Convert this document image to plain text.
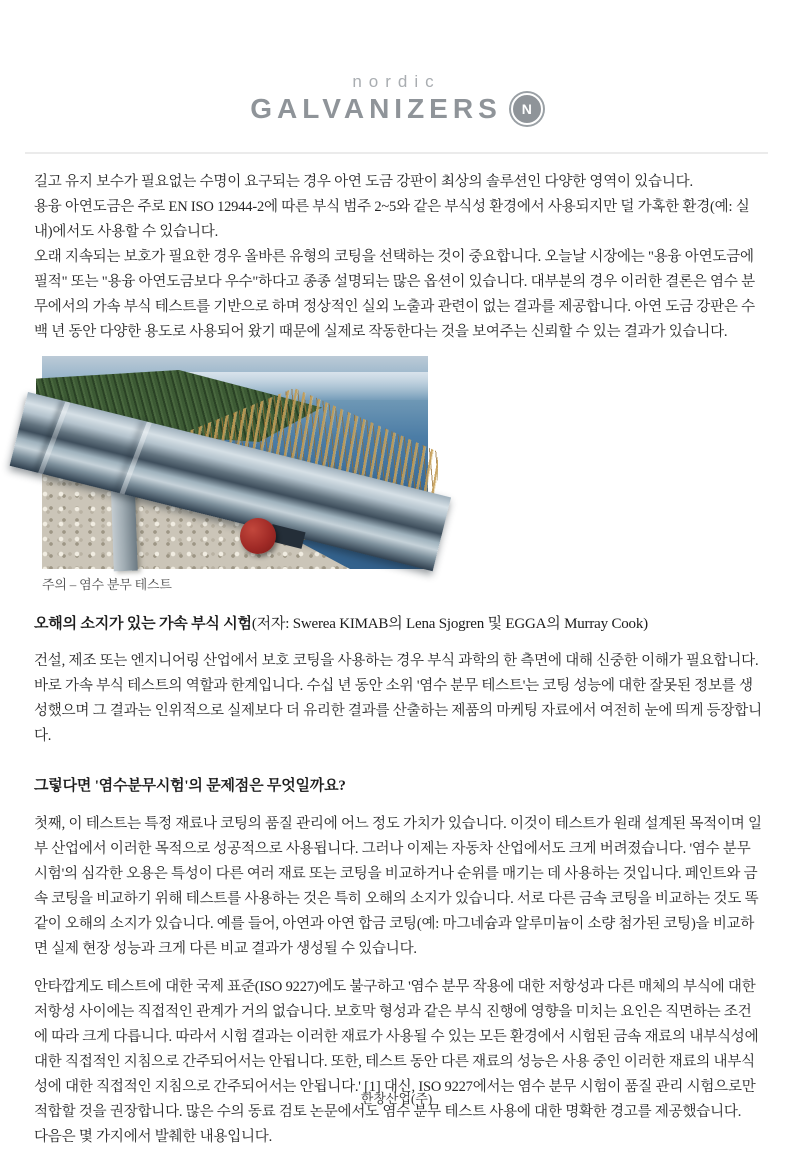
nordic
GALVANIZERS	N

길고 유지 보수가 필요없는 수명이 요구되는 경우 아연 도금 강판이 최상의 솔루션인 다양한 영역이 있습니다.

용융 아연도금은 주로 EN ISO 12944-2에 따른 부식 범주 2~5와 같은 부식성 환경에서 사용되지만 덜 가혹한 환경(예: 실내)에서도 사용할 수 있습니다.

오래 지속되는 보호가 필요한 경우 올바른 유형의 코팅을 선택하는 것이 중요합니다. 오늘날 시장에는 "용융 아연도금에 필적" 또는 "용융 아연도금보다 우수"하다고 종종 설명되는 많은 옵션이 있습니다. 대부분의 경우 이러한 결론은 염수 분무에서의 가속 부식 테스트를 기반으로 하며 정상적인 실외 노출과 관련이 없는 결과를 제공합니다. 아연 도금 강판은 수백 년 동안 다양한 용도로 사용되어 왔기 때문에 실제로 작동한다는 것을 보여주는 신뢰할 수 있는 결과가 있습니다.

주의 – 염수 분무 테스트
오해의 소지가 있는 가속 부식 시험(저자: Swerea KIMAB의 Lena Sjogren 및 EGGA의 Murray Cook)

건설, 제조 또는 엔지니어링 산업에서 보호 코팅을 사용하는 경우 부식 과학의 한 측면에 대해 신중한 이해가 필요합니다. 바로 가속 부식 테스트의 역할과 한계입니다. 수십 년 동안 소위 '염수 분무 테스트'는 코팅 성능에 대한 잘못된 정보를 생성했으며 그 결과는 인위적으로 실제보다 더 유리한 결과를 산출하는 제품의 마케팅 자료에서 여전히 눈에 띄게 등장합니다.

그렇다면 '염수분무시험'의 문제점은 무엇일까요?

첫째, 이 테스트는 특정 재료나 코팅의 품질 관리에 어느 정도 가치가 있습니다. 이것이 테스트가 원래 설계된 목적이며 일부 산업에서 이러한 목적으로 성공적으로 사용됩니다. 그러나 이제는 자동차 산업에서도 크게 버려졌습니다. '염수 분무 시험'의 심각한 오용은 특성이 다른 여러 재료 또는 코팅을 비교하거나 순위를 매기는 데 사용하는 것입니다. 페인트와 금속 코팅을 비교하기 위해 테스트를 사용하는 것은 특히 오해의 소지가 있습니다. 서로 다른 금속 코팅을 비교하는 것도 똑같이 오해의 소지가 있습니다. 예를 들어, 아연과 아연 합금 코팅(예: 마그네슘과 알루미늄이 소량 첨가된 코팅)을 비교하면 실제 현장 성능과 크게 다른 비교 결과가 생성될 수 있습니다.

안타깝게도 테스트에 대한 국제 표준(ISO 9227)에도 불구하고 '염수 분무 작용에 대한 저항성과 다른 매체의 부식에 대한 저항성 사이에는 직접적인 관계가 거의 없습니다. 보호막 형성과 같은 부식 진행에 영향을 미치는 요인은 직면하는 조건에 따라 크게 다릅니다. 따라서 시험 결과는 이러한 재료가 사용될 수 있는 모든 환경에서 시험된 금속 재료의 내부식성에 대한 직접적인 지침으로 간주되어서는 안됩니다. 또한, 테스트 동안 다른 재료의 성능은 사용 중인 이러한 재료의 내부식성에 대한 직접적인 지침으로 간주되어서는 안됩니다.' [1] 대신, ISO 9227에서는 염수 분무 시험이 품질 관리 시험으로만 적합할 것을 권장합니다. 많은 수의 동료 검토 논문에서도 염수 분무 테스트 사용에 대한 명확한 경고를 제공했습니다.

다음은 몇 가지에서 발췌한 내용입니다.

한창산업(주)
